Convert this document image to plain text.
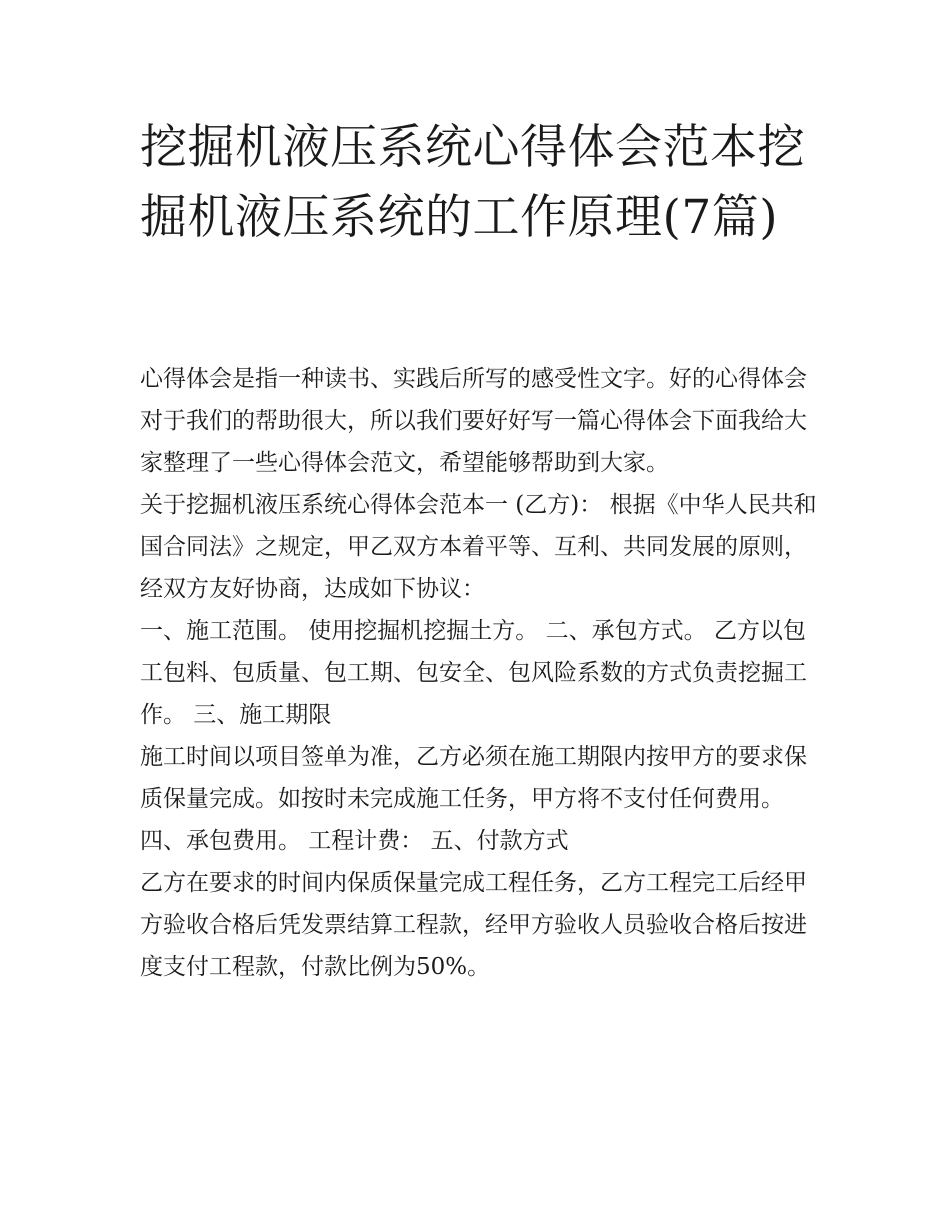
挖掘机液压系统心得体会范本挖掘机液压系统的工作原理(7篇)

心得体会是指一种读书、实践后所写的感受性文字。好的心得体会对于我们的帮助很大，所以我们要好好写一篇心得体会下面我给大家整理了一些心得体会范文，希望能够帮助到大家。

关于挖掘机液压系统心得体会范本一 (乙方)： 根据《中华人民共和国合同法》之规定，甲乙双方本着平等、互利、共同发展的原则，经双方友好协商，达成如下协议：

一、施工范围。 使用挖掘机挖掘土方。 二、承包方式。 乙方以包工包料、包质量、包工期、包安全、包风险系数的方式负责挖掘工作。 三、施工期限

施工时间以项目签单为准，乙方必须在施工期限内按甲方的要求保质保量完成。如按时未完成施工任务，甲方将不支付任何费用。 四、承包费用。 工程计费： 五、付款方式

乙方在要求的时间内保质保量完成工程任务，乙方工程完工后经甲方验收合格后凭发票结算工程款，经甲方验收人员验收合格后按进度支付工程款，付款比例为50%。
